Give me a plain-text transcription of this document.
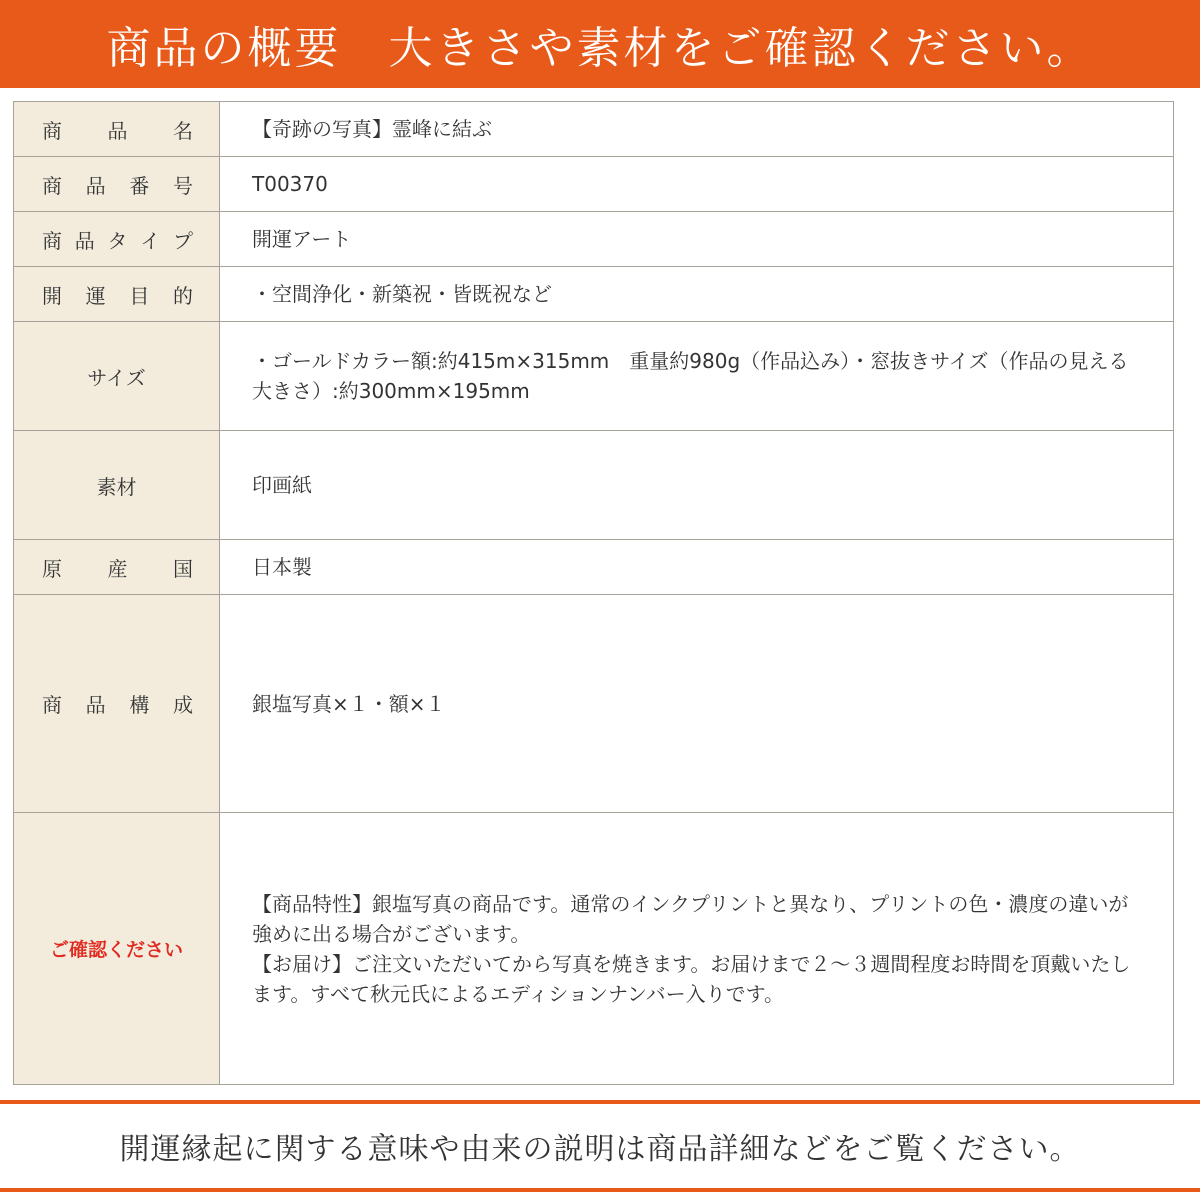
商品の概要　大きさや素材をご確認ください。
商 品 名	【奇跡の写真】霊峰に結ぶ

商 品 番 号	T00370

商 品 タ イ プ	開運アート

開 運 目 的	・空間浄化・新築祝・皆既祝など
サイズ	・ゴールドカラー額:約415m×315mm　重量約980g（作品込み）・窓抜きサイズ（作品の見える大きさ）:約300mm×195mm
素材	印画紙

原 産 国	日本製

商 品 構 成	銀塩写真×１・額×１
ご確認ください	【商品特性】銀塩写真の商品です。通常のインクプリントと異なり、プリントの色・濃度の違いが強めに出る場合がございます。
【お届け】ご注文いただいてから写真を焼きます。お届けまで２〜３週間程度お時間を頂戴いたします。すべて秋元氏によるエディションナンバー入りです。
開運縁起に関する意味や由来の説明は商品詳細などをご覧ください。
